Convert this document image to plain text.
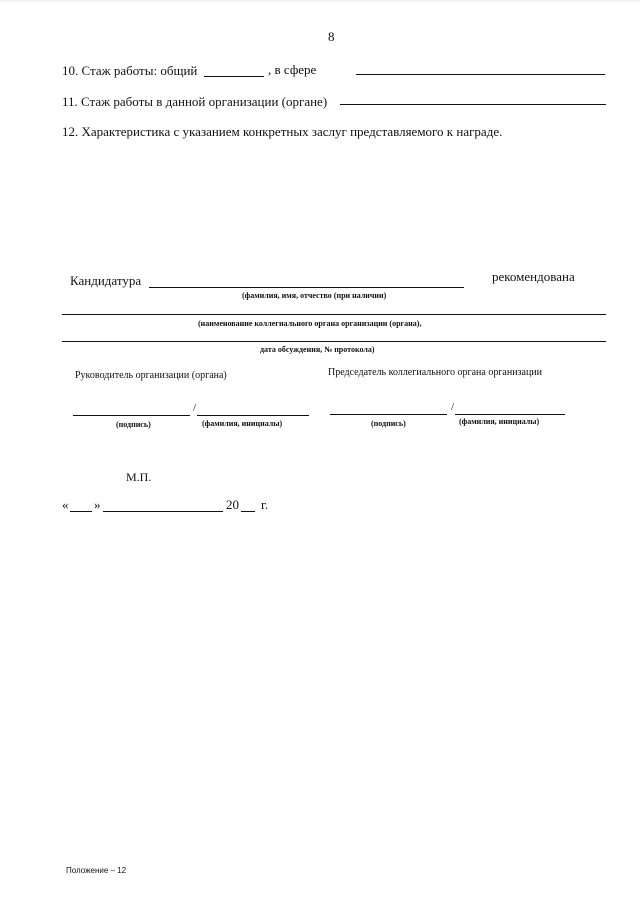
8
10. Стаж работы: общий	, в сфере
11. Стаж работы в данной организации (органе)
12. Характеристика с указанием конкретных заслуг представляемого к награде.
Кандидатура	рекомендована
(фамилия, имя, отчество (при наличии)
(наименование коллегиального органа организации (органа),
дата обсуждения, № протокола)
Руководитель организации (органа)	Председатель коллегиального органа организации
/
(подпись)	(фамилия, инициалы)
/
(подпись)	(фамилия, инициалы)
М.П.
« »	20 г.
Положение – 12
